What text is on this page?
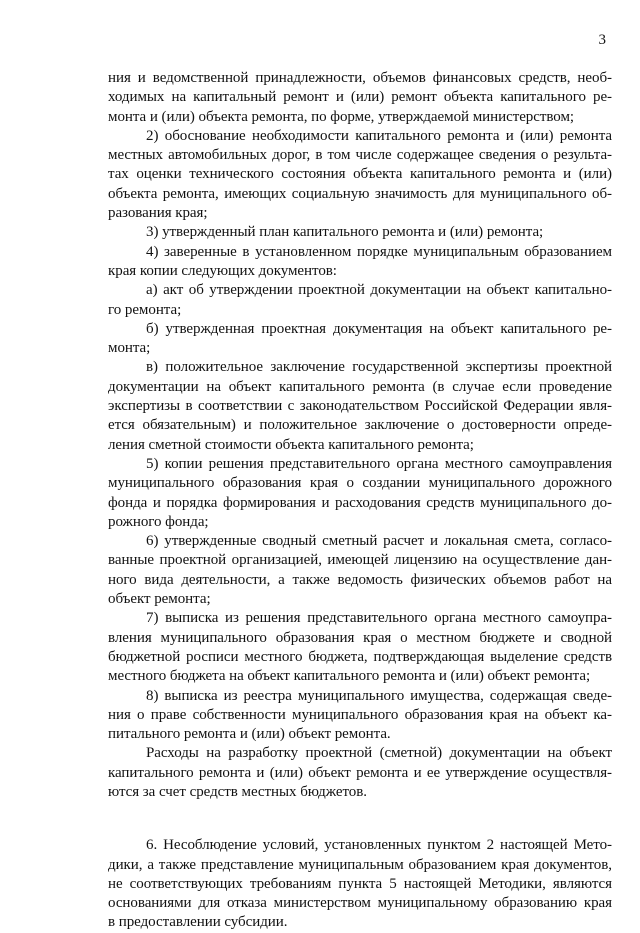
3
ния и ведомственной принадлежности, объемов финансовых средств, необ-
ходимых на капитальный ремонт и (или) ремонт объекта капитального ре-
монта и (или) объекта ремонта, по форме, утверждаемой министерством;
2) обоснование необходимости капитального ремонта и (или) ремонта
местных автомобильных дорог, в том числе содержащее сведения о результа-
тах оценки технического состояния объекта капитального ремонта и (или)
объекта ремонта, имеющих социальную значимость для муниципального об-
разования края;
3) утвержденный план капитального ремонта и (или) ремонта;
4) заверенные в установленном порядке муниципальным образованием
края копии следующих документов:
а) акт об утверждении проектной документации на объект капитально-
го ремонта;
б) утвержденная проектная документация на объект капитального ре-
монта;
в) положительное заключение государственной экспертизы проектной
документации на объект капитального ремонта (в случае если проведение
экспертизы в соответствии с законодательством Российской Федерации явля-
ется обязательным) и положительное заключение о достоверности опреде-
ления сметной стоимости объекта капитального ремонта;
5) копии решения представительного органа местного самоуправления
муниципального образования края о создании муниципального дорожного
фонда и порядка формирования и расходования средств муниципального до-
рожного фонда;
6) утвержденные сводный сметный расчет и локальная смета, согласо-
ванные проектной организацией, имеющей лицензию на осуществление дан-
ного вида деятельности, а также ведомость физических объемов работ на
объект ремонта;
7) выписка из решения представительного органа местного самоупра-
вления муниципального образования края о местном бюджете и сводной
бюджетной росписи местного бюджета, подтверждающая выделение средств
местного бюджета на объект капитального ремонта и (или) объект ремонта;
8) выписка из реестра муниципального имущества, содержащая сведе-
ния о праве собственности муниципального образования края на объект ка-
питального ремонта и (или) объект ремонта.
Расходы на разработку проектной (сметной) документации на объект
капитального ремонта и (или) объект ремонта и ее утверждение осуществля-
ются за счет средств местных бюджетов.
6. Несоблюдение условий, установленных пунктом 2 настоящей Мето-
дики, а также представление муниципальным образованием края документов,
не соответствующих требованиям пункта 5 настоящей Методики, являются
основаниями для отказа министерством муниципальному образованию края
в предоставлении субсидии.
